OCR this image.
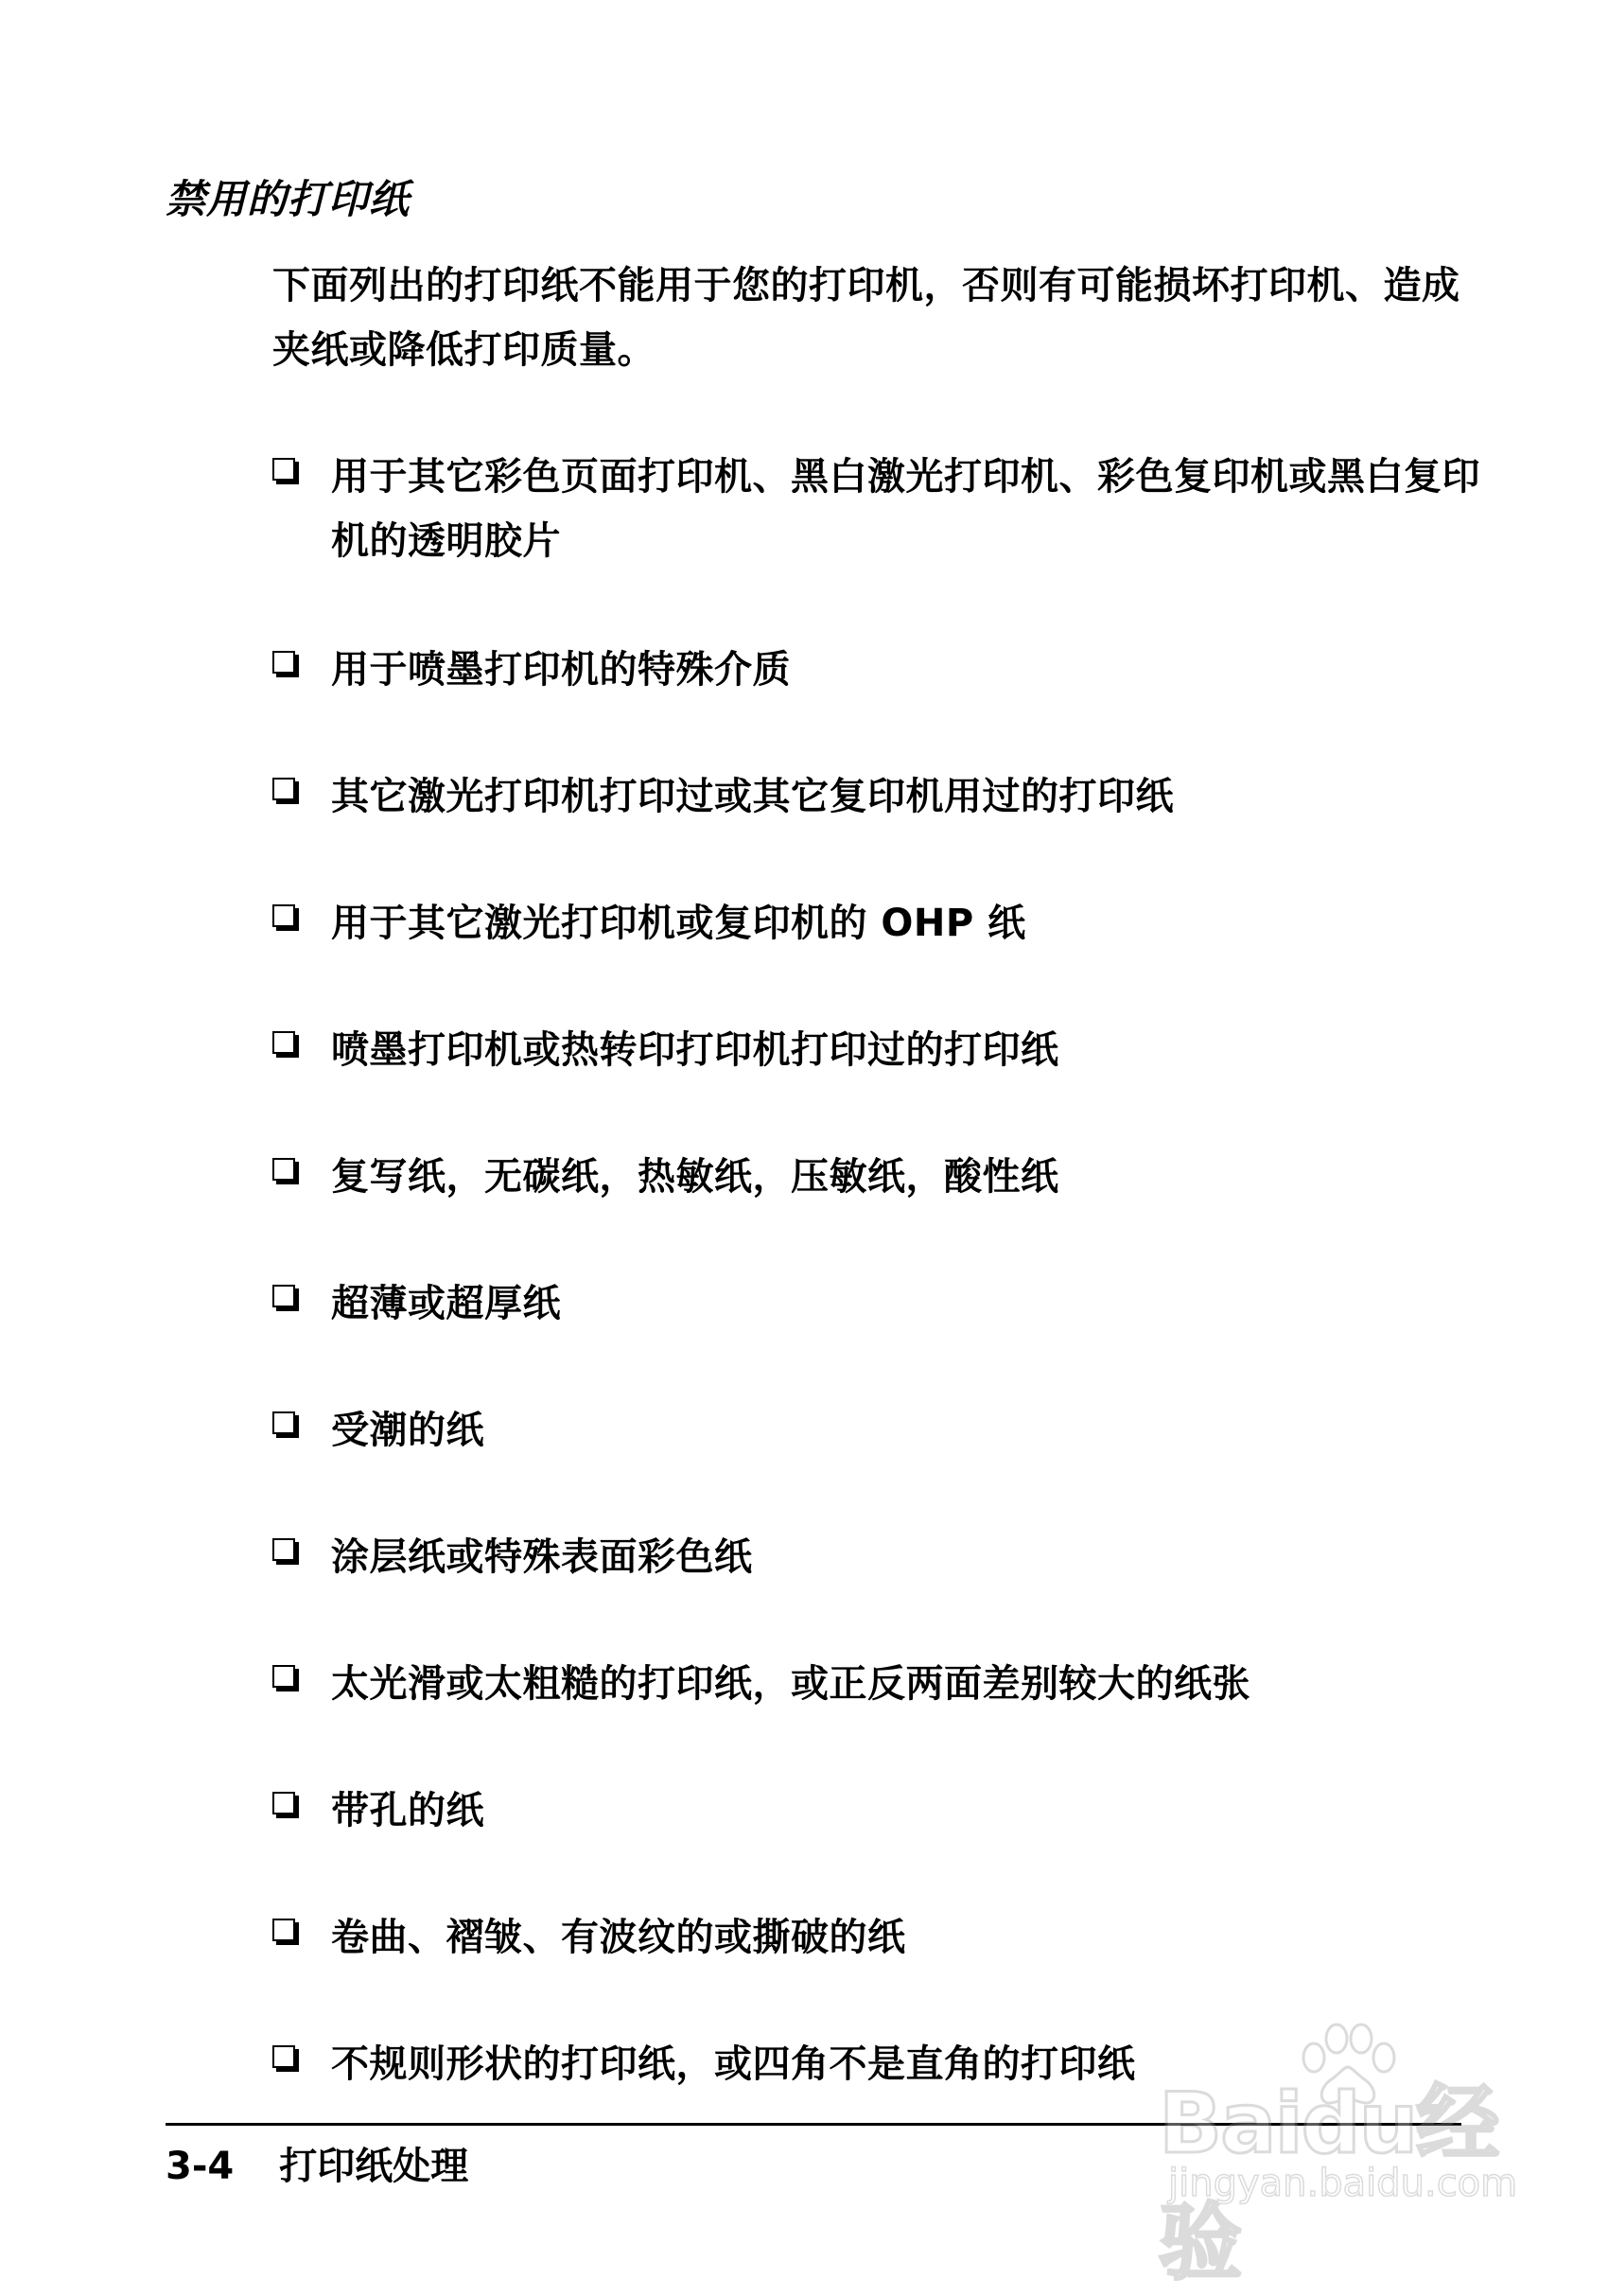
禁用的打印纸

下面列出的打印纸不能用于您的打印机，否则有可能损坏打印机、造成夹纸或降低打印质量。

用于其它彩色页面打印机、黑白激光打印机、彩色复印机或黑白复印机的透明胶片
用于喷墨打印机的特殊介质
其它激光打印机打印过或其它复印机用过的打印纸
用于其它激光打印机或复印机的 OHP 纸
喷墨打印机或热转印打印机打印过的打印纸
复写纸，无碳纸，热敏纸，压敏纸，酸性纸
超薄或超厚纸
受潮的纸
涂层纸或特殊表面彩色纸
太光滑或太粗糙的打印纸，或正反两面差别较大的纸张
带孔的纸
卷曲、褶皱、有波纹的或撕破的纸
不规则形状的打印纸，或四角不是直角的打印纸
3-4 打印纸处理	Baidu经验
jingyan.baidu.com
